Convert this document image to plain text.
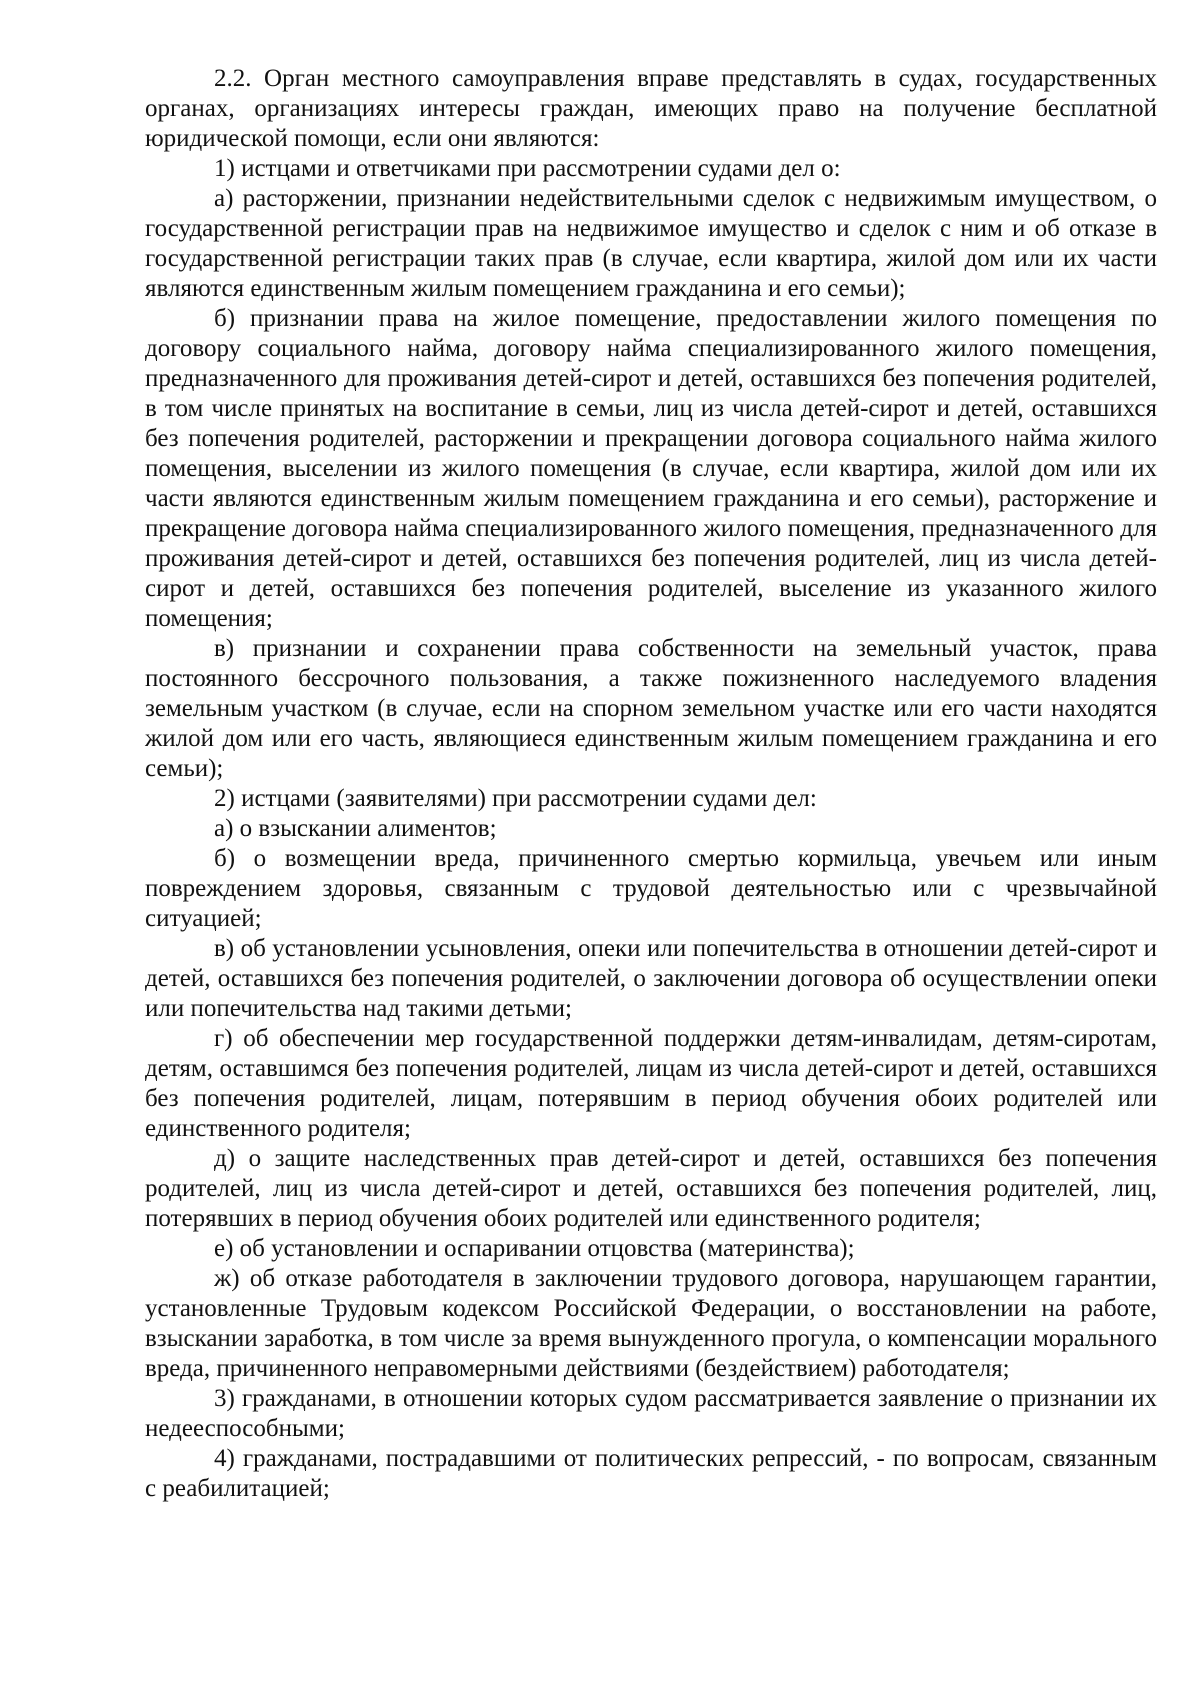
2.2. Орган местного самоуправления вправе представлять в судах, государственных органах, организациях интересы граждан, имеющих право на получение бесплатной юридической помощи, если они являются:

1) истцами и ответчиками при рассмотрении судами дел о:

а) расторжении, признании недействительными сделок с недвижимым имуществом, о государственной регистрации прав на недвижимое имущество и сделок с ним и об отказе в государственной регистрации таких прав (в случае, если квартира, жилой дом или их части являются единственным жилым помещением гражданина и его семьи);

б) признании права на жилое помещение, предоставлении жилого помещения по договору социального найма, договору найма специализированного жилого помещения, предназначенного для проживания детей-сирот и детей, оставшихся без попечения родителей, в том числе принятых на воспитание в семьи, лиц из числа детей-сирот и детей, оставшихся без попечения родителей, расторжении и прекращении договора социального найма жилого помещения, выселении из жилого помещения (в случае, если квартира, жилой дом или их части являются единственным жилым помещением гражданина и его семьи), расторжение и прекращение договора найма специализированного жилого помещения, предназначенного для проживания детей-сирот и детей, оставшихся без попечения родителей, лиц из числа детей-сирот и детей, оставшихся без попечения родителей, выселение из указанного жилого помещения;

в) признании и сохранении права собственности на земельный участок, права постоянного бессрочного пользования, а также пожизненного наследуемого владения земельным участком (в случае, если на спорном земельном участке или его части находятся жилой дом или его часть, являющиеся единственным жилым помещением гражданина и его семьи);

2) истцами (заявителями) при рассмотрении судами дел:

а) о взыскании алиментов;

б) о возмещении вреда, причиненного смертью кормильца, увечьем или иным повреждением здоровья, связанным с трудовой деятельностью или с чрезвычайной ситуацией;

в) об установлении усыновления, опеки или попечительства в отношении детей-сирот и детей, оставшихся без попечения родителей, о заключении договора об осуществлении опеки или попечительства над такими детьми;

г) об обеспечении мер государственной поддержки детям-инвалидам, детям-сиротам, детям, оставшимся без попечения родителей, лицам из числа детей-сирот и детей, оставшихся без попечения родителей, лицам, потерявшим в период обучения обоих родителей или единственного родителя;

д) о защите наследственных прав детей-сирот и детей, оставшихся без попечения родителей, лиц из числа детей-сирот и детей, оставшихся без попечения родителей, лиц, потерявших в период обучения обоих родителей или единственного родителя;

е) об установлении и оспаривании отцовства (материнства);

ж) об отказе работодателя в заключении трудового договора, нарушающем гарантии, установленные Трудовым кодексом Российской Федерации, о восстановлении на работе, взыскании заработка, в том числе за время вынужденного прогула, о компенсации морального вреда, причиненного неправомерными действиями (бездействием) работодателя;

3) гражданами, в отношении которых судом рассматривается заявление о признании их недееспособными;

4) гражданами, пострадавшими от политических репрессий, - по вопросам, связанным с реабилитацией;
